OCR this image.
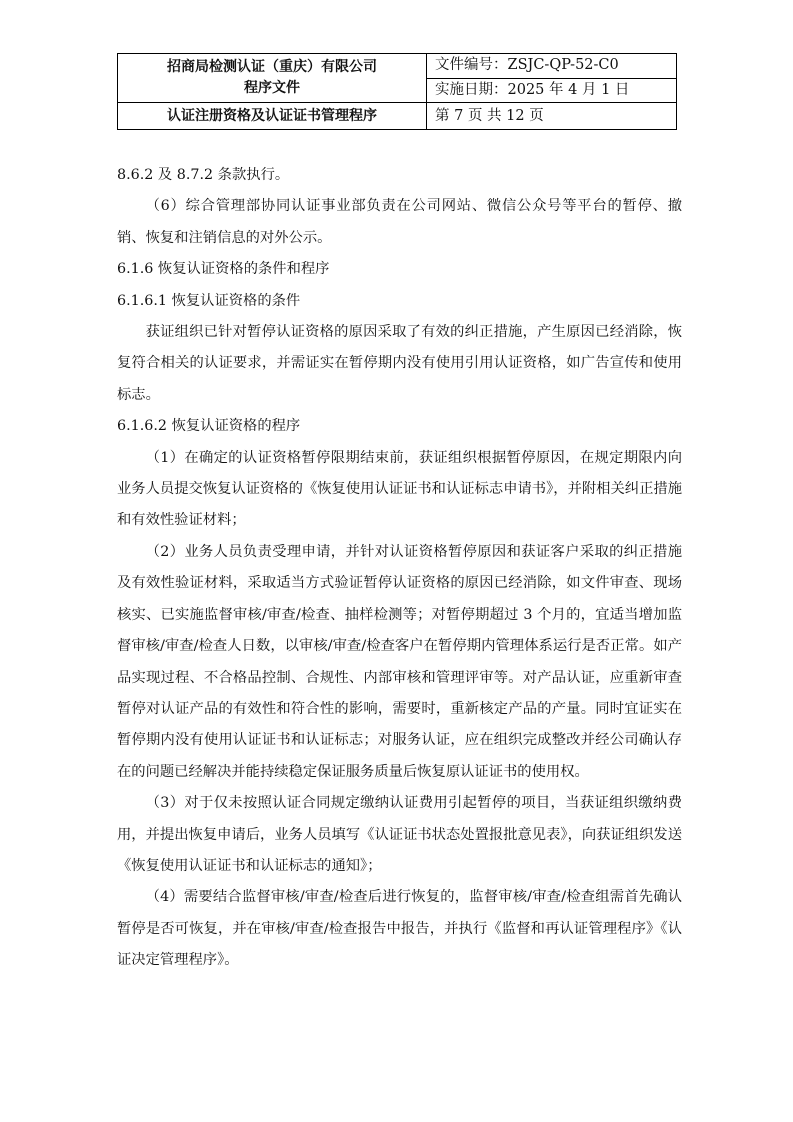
招商局检测认证（重庆）有限公司
程序文件	文件编号：ZSJC-QP-52-C0
	实施日期：2025 年 4 月 1 日
认证注册资格及认证证书管理程序	第 7 页 共 12 页

8.6.2 及 8.7.2 条款执行。

（6）综合管理部协同认证事业部负责在公司网站、微信公众号等平台的暂停、撤销、恢复和注销信息的对外公示。

6.1.6 恢复认证资格的条件和程序

6.1.6.1 恢复认证资格的条件

获证组织已针对暂停认证资格的原因采取了有效的纠正措施，产生原因已经消除，恢复符合相关的认证要求，并需证实在暂停期内没有使用引用认证资格，如广告宣传和使用标志。

6.1.6.2 恢复认证资格的程序

（1）在确定的认证资格暂停限期结束前，获证组织根据暂停原因，在规定期限内向业务人员提交恢复认证资格的《恢复使用认证证书和认证标志申请书》，并附相关纠正措施和有效性验证材料；

（2）业务人员负责受理申请，并针对认证资格暂停原因和获证客户采取的纠正措施及有效性验证材料，采取适当方式验证暂停认证资格的原因已经消除，如文件审查、现场核实、已实施监督审核/审查/检查、抽样检测等；对暂停期超过 3 个月的，宜适当增加监督审核/审查/检查人日数，以审核/审查/检查客户在暂停期内管理体系运行是否正常。如产品实现过程、不合格品控制、合规性、内部审核和管理评审等。对产品认证，应重新审查暂停对认证产品的有效性和符合性的影响，需要时，重新核定产品的产量。同时宜证实在暂停期内没有使用认证证书和认证标志；对服务认证，应在组织完成整改并经公司确认存在的问题已经解决并能持续稳定保证服务质量后恢复原认证证书的使用权。

（3）对于仅未按照认证合同规定缴纳认证费用引起暂停的项目，当获证组织缴纳费用，并提出恢复申请后，业务人员填写《认证证书状态处置报批意见表》，向获证组织发送《恢复使用认证证书和认证标志的通知》；

（4）需要结合监督审核/审查/检查后进行恢复的，监督审核/审查/检查组需首先确认暂停是否可恢复，并在审核/审查/检查报告中报告，并执行《监督和再认证管理程序》《认证决定管理程序》。
